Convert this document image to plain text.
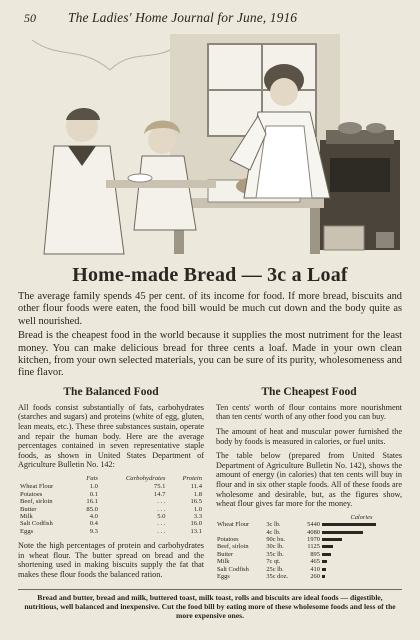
50 The Ladies' Home Journal for June, 1916
Home-made Bread — 3c a Loaf

The average family spends 45 per cent. of its income for food. If more bread, biscuits and other flour foods were eaten, the food bill would be much cut down and the body quite as well nourished.

Bread is the cheapest food in the world because it supplies the most nutriment for the least money. You can make delicious bread for three cents a loaf. Made in your own clean kitchen, from your own selected materials, you can be sure of its purity, wholesomeness and fine flavor.

The Balanced Food

All foods consist substantially of fats, carbohydrates (starches and sugars) and proteins (white of egg, gluten, lean meats, etc.). These three substances sustain, operate and repair the human body. Here are the average percentages contained in seven representative staple foods, as shown in United States Department of Agriculture Bulletin No. 142:

	Fats	Carbohydrates	Protein
Wheat Flour	1.0	75.1	11.4
Potatoes	0.1	14.7	1.8
Beef, sirloin	16.1	. . .	16.5
Butter	85.0	. . .	1.0
Milk	4.0	5.0	3.3
Salt Codfish	0.4	. . .	16.0
Eggs	9.3	. . .	13.1

Note the high percentages of protein and carbohydrates in wheat flour. The butter spread on bread and the shortening used in making biscuits supply the fat that makes these flour foods the balanced ration.

The Cheapest Food

Ten cents' worth of flour contains more nourishment than ten cents' worth of any other food you can buy.

The amount of heat and muscular power furnished the body by foods is measured in calories, or fuel units.

The table below (prepared from United States Department of Agriculture Bulletin No. 142), shows the amount of energy (in calories) that ten cents will buy in flour and in six other staple foods. All of these foods are wholesome and desirable, but, as the figures show, wheat flour gives far more for the money.

			Calories
Wheat Flour	3c lb.	5440	
	4c lb.	4080	
Potatoes	90c bu.	1970	
Beef, sirloin	30c lb.	1125	
Butter	35c lb.	895	
Milk	7c qt.	465	
Salt Codfish	25c lb.	410	
Eggs	35c doz.	260	
Bread and butter, bread and milk, buttered toast, milk toast, rolls and biscuits are ideal foods — digestible, nutritious, well balanced and inexpensive. Cut the food bill by eating more of these wholesome foods and less of the more expensive ones.
